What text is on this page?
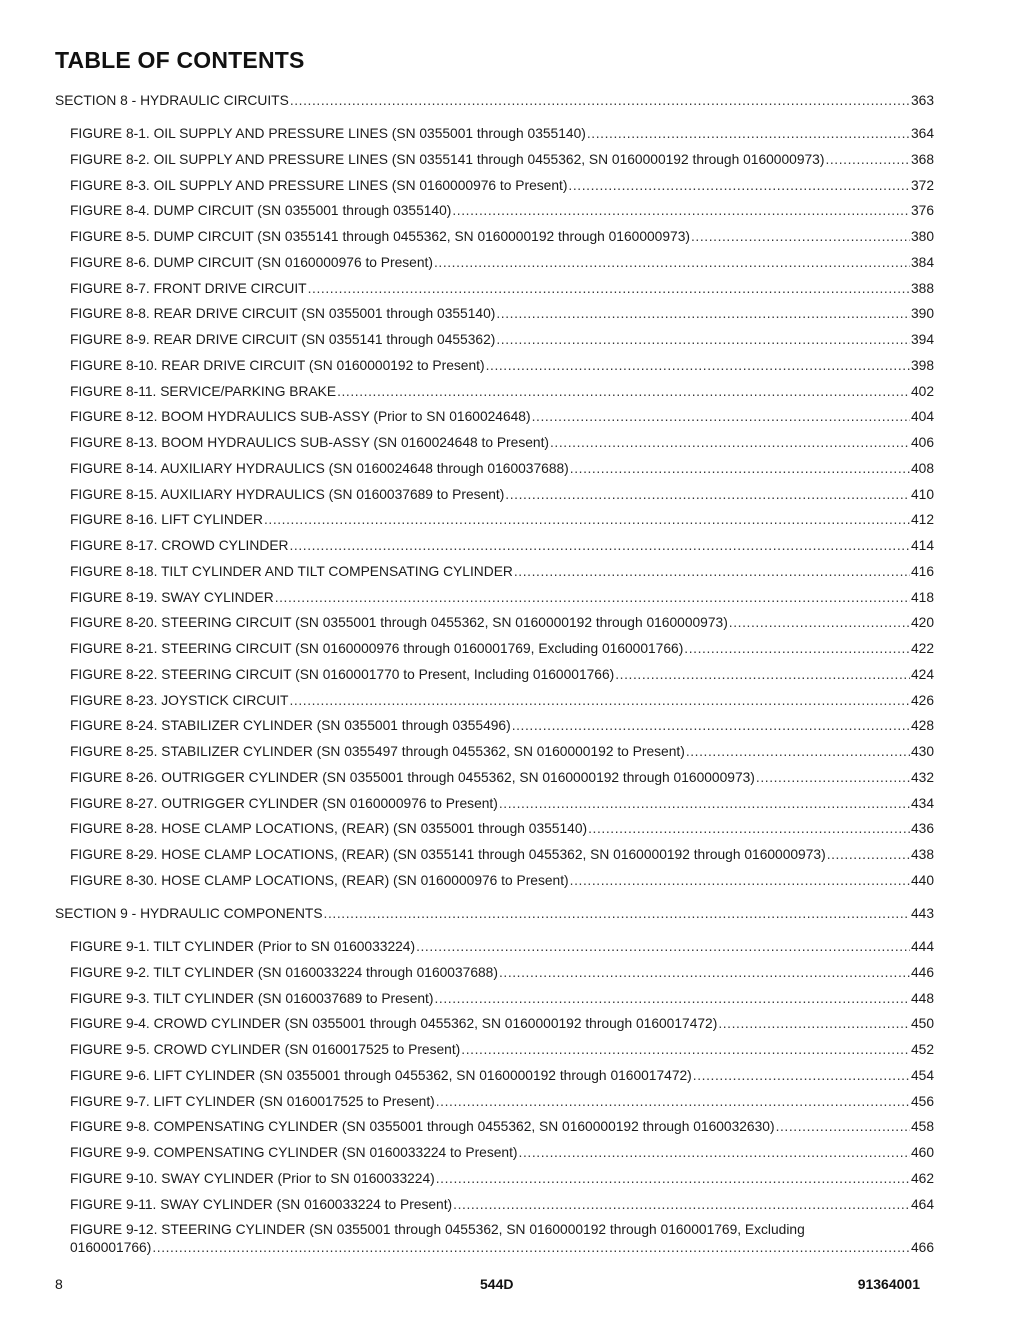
TABLE OF CONTENTS
SECTION 8 - HYDRAULIC CIRCUITS .....	363
FIGURE 8-1. OIL SUPPLY AND PRESSURE LINES (SN 0355001 through 0355140) .....	364
FIGURE 8-2. OIL SUPPLY AND PRESSURE LINES (SN 0355141 through 0455362, SN 0160000192 through 0160000973) .....	368
FIGURE 8-3. OIL SUPPLY AND PRESSURE LINES (SN 0160000976 to Present) .....	372
FIGURE 8-4. DUMP CIRCUIT (SN 0355001 through 0355140) .....	376
FIGURE 8-5. DUMP CIRCUIT (SN 0355141 through 0455362, SN 0160000192 through 0160000973) .....	380
FIGURE 8-6. DUMP CIRCUIT (SN 0160000976 to Present) .....	384
FIGURE 8-7. FRONT DRIVE CIRCUIT .....	388
FIGURE 8-8. REAR DRIVE CIRCUIT (SN 0355001 through 0355140) .....	390
FIGURE 8-9. REAR DRIVE CIRCUIT (SN 0355141 through 0455362) .....	394
FIGURE 8-10. REAR DRIVE CIRCUIT (SN 0160000192 to Present) .....	398
FIGURE 8-11. SERVICE/PARKING BRAKE .....	402
FIGURE 8-12. BOOM HYDRAULICS SUB-ASSY (Prior to SN 0160024648) .....	404
FIGURE 8-13. BOOM HYDRAULICS SUB-ASSY (SN 0160024648 to Present) .....	406
FIGURE 8-14. AUXILIARY HYDRAULICS (SN 0160024648 through 0160037688) .....	408
FIGURE 8-15. AUXILIARY HYDRAULICS (SN 0160037689 to Present) .....	410
FIGURE 8-16. LIFT CYLINDER .....	412
FIGURE 8-17. CROWD CYLINDER .....	414
FIGURE 8-18. TILT CYLINDER AND TILT COMPENSATING CYLINDER .....	416
FIGURE 8-19. SWAY CYLINDER .....	418
FIGURE 8-20. STEERING CIRCUIT (SN 0355001 through 0455362, SN 0160000192 through 0160000973) .....	420
FIGURE 8-21. STEERING CIRCUIT (SN 0160000976 through 0160001769, Excluding 0160001766) .....	422
FIGURE 8-22. STEERING CIRCUIT (SN 0160001770 to Present, Including 0160001766) .....	424
FIGURE 8-23. JOYSTICK CIRCUIT .....	426
FIGURE 8-24. STABILIZER CYLINDER (SN 0355001 through 0355496) .....	428
FIGURE 8-25. STABILIZER CYLINDER (SN 0355497 through 0455362, SN 0160000192 to Present) .....	430
FIGURE 8-26. OUTRIGGER CYLINDER (SN 0355001 through 0455362, SN 0160000192 through 0160000973) .....	432
FIGURE 8-27. OUTRIGGER CYLINDER (SN 0160000976 to Present) .....	434
FIGURE 8-28. HOSE CLAMP LOCATIONS, (REAR) (SN 0355001 through 0355140) .....	436
FIGURE 8-29. HOSE CLAMP LOCATIONS, (REAR) (SN 0355141 through 0455362, SN 0160000192 through 0160000973) .....	438
FIGURE 8-30. HOSE CLAMP LOCATIONS, (REAR) (SN 0160000976 to Present) .....	440
SECTION 9 - HYDRAULIC COMPONENTS .....	443
FIGURE 9-1. TILT CYLINDER (Prior to SN 0160033224) .....	444
FIGURE 9-2. TILT CYLINDER (SN 0160033224 through 0160037688) .....	446
FIGURE 9-3. TILT CYLINDER (SN 0160037689 to Present) .....	448
FIGURE 9-4. CROWD CYLINDER (SN 0355001 through 0455362, SN 0160000192 through 0160017472) .....	450
FIGURE 9-5. CROWD CYLINDER (SN 0160017525 to Present) .....	452
FIGURE 9-6. LIFT CYLINDER (SN 0355001 through 0455362, SN 0160000192 through 0160017472) .....	454
FIGURE 9-7. LIFT CYLINDER (SN 0160017525 to Present) .....	456
FIGURE 9-8. COMPENSATING CYLINDER (SN 0355001 through 0455362, SN 0160000192 through 0160032630) .....	458
FIGURE 9-9. COMPENSATING CYLINDER (SN 0160033224 to Present) .....	460
FIGURE 9-10. SWAY CYLINDER (Prior to SN 0160033224) .....	462
FIGURE 9-11. SWAY CYLINDER (SN 0160033224 to Present) .....	464
FIGURE 9-12. STEERING CYLINDER (SN 0355001 through 0455362, SN 0160000192 through 0160001769, Excluding
0160001766) .....	466
8	544D	91364001
